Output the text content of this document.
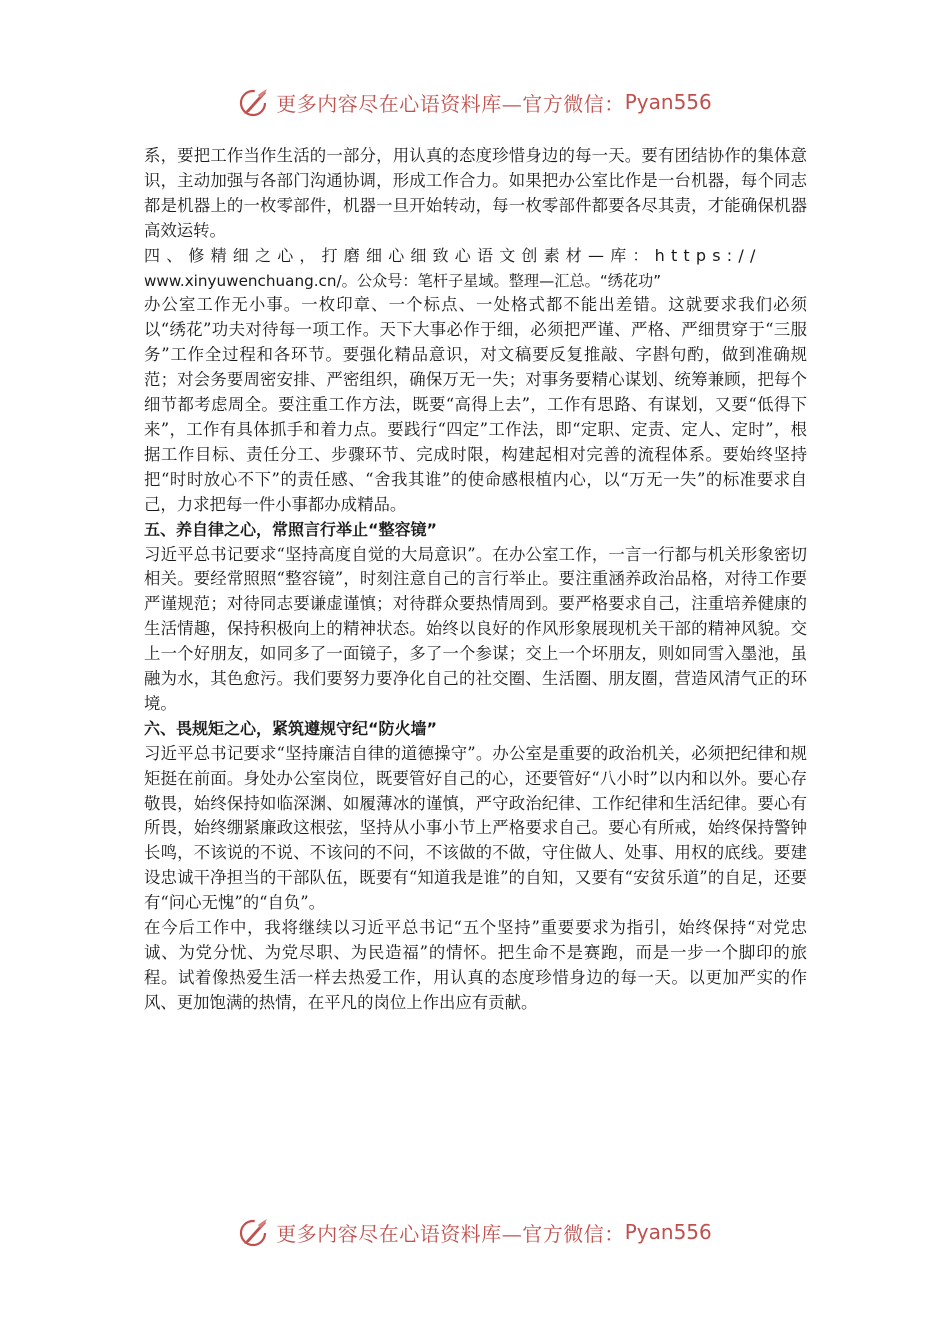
更多内容尽在心语资料库—官方微信： Pyan556

系，要把工作当作生活的一部分，用认真的态度珍惜身边的每一天。要有团结协作的集体意识，主动加强与各部门沟通协调，形成工作合力。如果把办公室比作是一台机器，每个同志都是机器上的一枚零部件，机器一旦开始转动，每一枚零部件都要各尽其责，才能确保机器高效运转。

四、修精细之心，打磨细心细致心语文创素材—库：https://

www.xinyuwenchuang.cn/。公众号：笔杆子星域。整理—汇总。“绣花功”

办公室工作无小事。一枚印章、一个标点、一处格式都不能出差错。这就要求我们必须以“绣花”功夫对待每一项工作。天下大事必作于细，必须把严谨、严格、严细贯穿于“三服务”工作全过程和各环节。要强化精品意识，对文稿要反复推敲、字斟句酌，做到准确规范；对会务要周密安排、严密组织，确保万无一失；对事务要精心谋划、统筹兼顾，把每个细节都考虑周全。要注重工作方法，既要“高得上去”，工作有思路、有谋划，又要“低得下来”，工作有具体抓手和着力点。要践行“四定”工作法，即“定职、定责、定人、定时”，根据工作目标、责任分工、步骤环节、完成时限，构建起相对完善的流程体系。要始终坚持把“时时放心不下”的责任感、“舍我其谁”的使命感根植内心，以“万无一失”的标准要求自己，力求把每一件小事都办成精品。

五、养自律之心，常照言行举止“整容镜”

习近平总书记要求“坚持高度自觉的大局意识”。在办公室工作，一言一行都与机关形象密切相关。要经常照照“整容镜”，时刻注意自己的言行举止。要注重涵养政治品格，对待工作要严谨规范；对待同志要谦虚谨慎；对待群众要热情周到。要严格要求自己，注重培养健康的生活情趣，保持积极向上的精神状态。始终以良好的作风形象展现机关干部的精神风貌。交上一个好朋友，如同多了一面镜子，多了一个参谋；交上一个坏朋友，则如同雪入墨池，虽融为水，其色愈污。我们要努力要净化自己的社交圈、生活圈、朋友圈，营造风清气正的环境。

六、畏规矩之心，紧筑遵规守纪“防火墙”

习近平总书记要求“坚持廉洁自律的道德操守”。办公室是重要的政治机关，必须把纪律和规矩挺在前面。身处办公室岗位，既要管好自己的心，还要管好“八小时”以内和以外。要心存敬畏，始终保持如临深渊、如履薄冰的谨慎，严守政治纪律、工作纪律和生活纪律。要心有所畏，始终绷紧廉政这根弦，坚持从小事小节上严格要求自己。要心有所戒，始终保持警钟长鸣，不该说的不说、不该问的不问，不该做的不做，守住做人、处事、用权的底线。要建设忠诚干净担当的干部队伍，既要有“知道我是谁”的自知，又要有“安贫乐道”的自足，还要有“问心无愧”的“自负”。

在今后工作中，我将继续以习近平总书记“五个坚持”重要要求为指引，始终保持“对党忠诚、为党分忧、为党尽职、为民造福”的情怀。把生命不是赛跑，而是一步一个脚印的旅程。试着像热爱生活一样去热爱工作，用认真的态度珍惜身边的每一天。以更加严实的作风、更加饱满的热情，在平凡的岗位上作出应有贡献。

更多内容尽在心语资料库—官方微信： Pyan556
